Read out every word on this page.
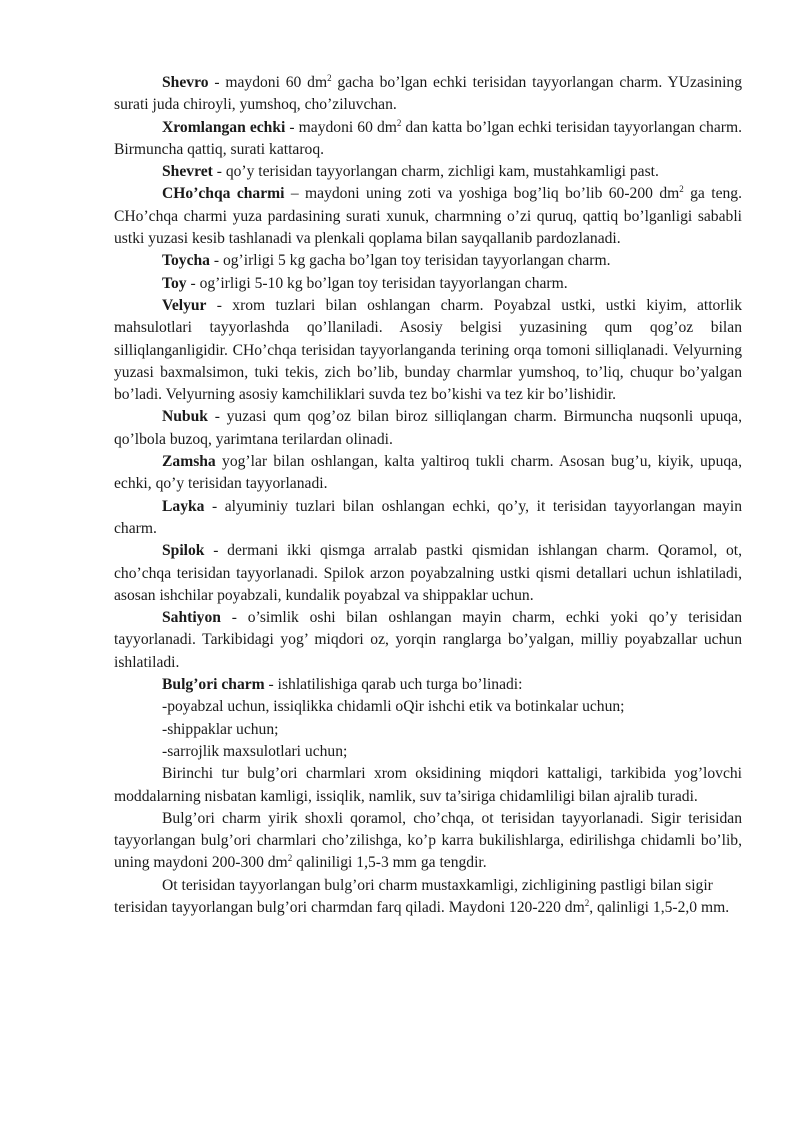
Shevro - maydoni 60 $dm^2$ gacha bo’lgan echki terisidan tayyorlangan charm. YUzasining surati juda chiroyli, yumshoq, cho’ziluvchan.

Xromlangan echki - maydoni 60 $dm^2$ dan katta bo’lgan echki terisidan tayyorlangan charm. Birmuncha qattiq, surati kattaroq.

Shevret - qo’y terisidan tayyorlangan charm, zichligi kam, mustahkamligi past.

CHo’chqa charmi – maydoni uning zoti va yoshiga bog’liq bo’lib 60-200 $dm^2$ ga teng. CHo’chqa charmi yuza pardasining surati xunuk, charmning o’zi quruq, qattiq bo’lganligi sababli ustki yuzasi kesib tashlanadi va plenkali qoplama bilan sayqallanib pardozlanadi.

Toycha - og’irligi 5 kg gacha bo’lgan toy terisidan tayyorlangan charm.

Toy - og’irligi 5-10 kg bo’lgan toy terisidan tayyorlangan charm.

Velyur - xrom tuzlari bilan oshlangan charm. Poyabzal ustki, ustki kiyim, attorlik mahsulotlari tayyorlashda qo’llaniladi. Asosiy belgisi yuzasining qum qog’oz bilan silliqlanganligidir. CHo’chqa terisidan tayyorlanganda terining orqa tomoni silliqlanadi. Velyurning yuzasi baxmalsimon, tuki tekis, zich bo’lib, bunday charmlar yumshoq, to’liq, chuqur bo’yalgan bo’ladi. Velyurning asosiy kamchiliklari suvda tez bo’kishi va tez kir bo’lishidir.

Nubuk - yuzasi qum qog’oz bilan biroz silliqlangan charm. Birmuncha nuqsonli upuqa, qo’lbola buzoq, yarimtana terilardan olinadi.

Zamsha yog’lar bilan oshlangan, kalta yaltiroq tukli charm. Asosan bug’u, kiyik, upuqa, echki, qo’y terisidan tayyorlanadi.

Layka - alyuminiy tuzlari bilan oshlangan echki, qo’y, it terisidan tayyorlangan mayin charm.

Spilok - dermani ikki qismga arralab pastki qismidan ishlangan charm. Qoramol, ot, cho’chqa terisidan tayyorlanadi. Spilok arzon poyabzalning ustki qismi detallari uchun ishlatiladi, asosan ishchilar poyabzali, kundalik poyabzal va shippaklar uchun.

Sahtiyon - o’simlik oshi bilan oshlangan mayin charm, echki yoki qo’y terisidan tayyorlanadi. Tarkibidagi yog’ miqdori oz, yorqin ranglarga bo’yalgan, milliy poyabzallar uchun ishlatiladi.

Bulg’ori charm - ishlatilishiga qarab uch turga bo’linadi:

-poyabzal uchun, issiqlikka chidamli oQir ishchi etik va botinkalar uchun;

-shippaklar uchun;

-sarrojlik maxsulotlari uchun;

Birinchi tur bulg’ori charmlari xrom oksidining miqdori kattaligi, tarkibida yog’lovchi moddalarning nisbatan kamligi, issiqlik, namlik, suv ta’siriga chidamliligi bilan ajralib turadi.

Bulg’ori charm yirik shoxli qoramol, cho’chqa, ot terisidan tayyorlanadi. Sigir terisidan tayyorlangan bulg’ori charmlari cho’zilishga, ko’p karra bukilishlarga, edirilishga chidamli bo’lib, uning maydoni 200-300 $dm^2$ qaliniligi 1,5-3 mm ga tengdir.

Ot terisidan tayyorlangan bulg’ori charm mustaxkamligi, zichligining pastligi bilan sigir terisidan tayyorlangan bulg’ori charmdan farq qiladi. Maydoni 120-220 $dm^2$, qalinligi 1,5-2,0 mm.
